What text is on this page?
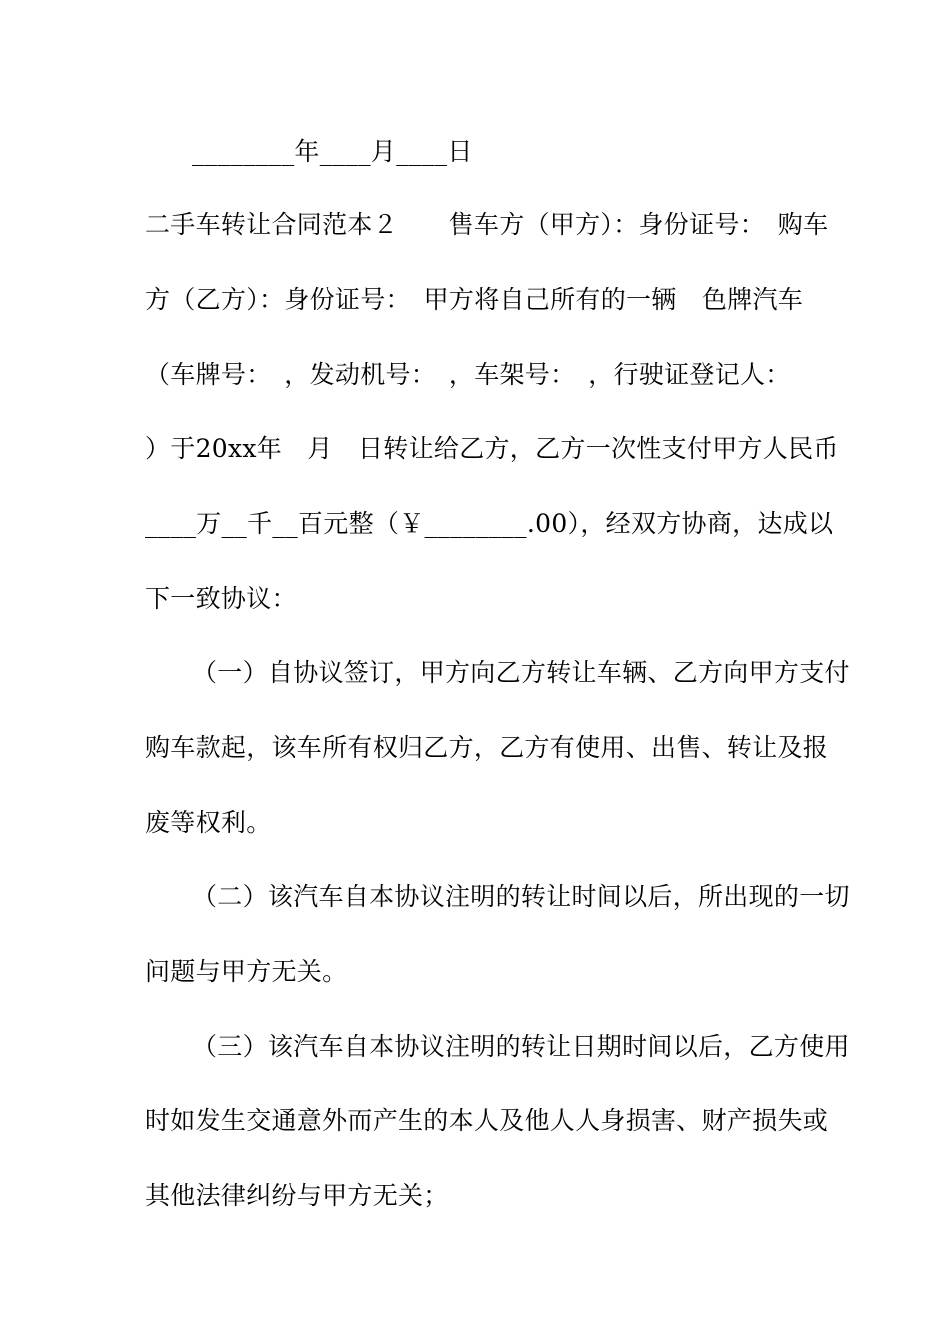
________年____月____日
二手车转让合同范本２　　售车方（甲方）：身份证号：　购车
方（乙方）：身份证号：　甲方将自己所有的一辆　色牌汽车
（车牌号：　，发动机号：　，车架号：　，行驶证登记人：
）于20xx年　月　日转让给乙方，乙方一次性支付甲方人民币
____万__千__百元整（￥________.00），经双方协商，达成以
下一致协议：
（一）自协议签订，甲方向乙方转让车辆、乙方向甲方支付
购车款起，该车所有权归乙方，乙方有使用、出售、转让及报
废等权利。
（二）该汽车自本协议注明的转让时间以后，所出现的一切
问题与甲方无关。
（三）该汽车自本协议注明的转让日期时间以后，乙方使用
时如发生交通意外而产生的本人及他人人身损害、财产损失或
其他法律纠纷与甲方无关；
